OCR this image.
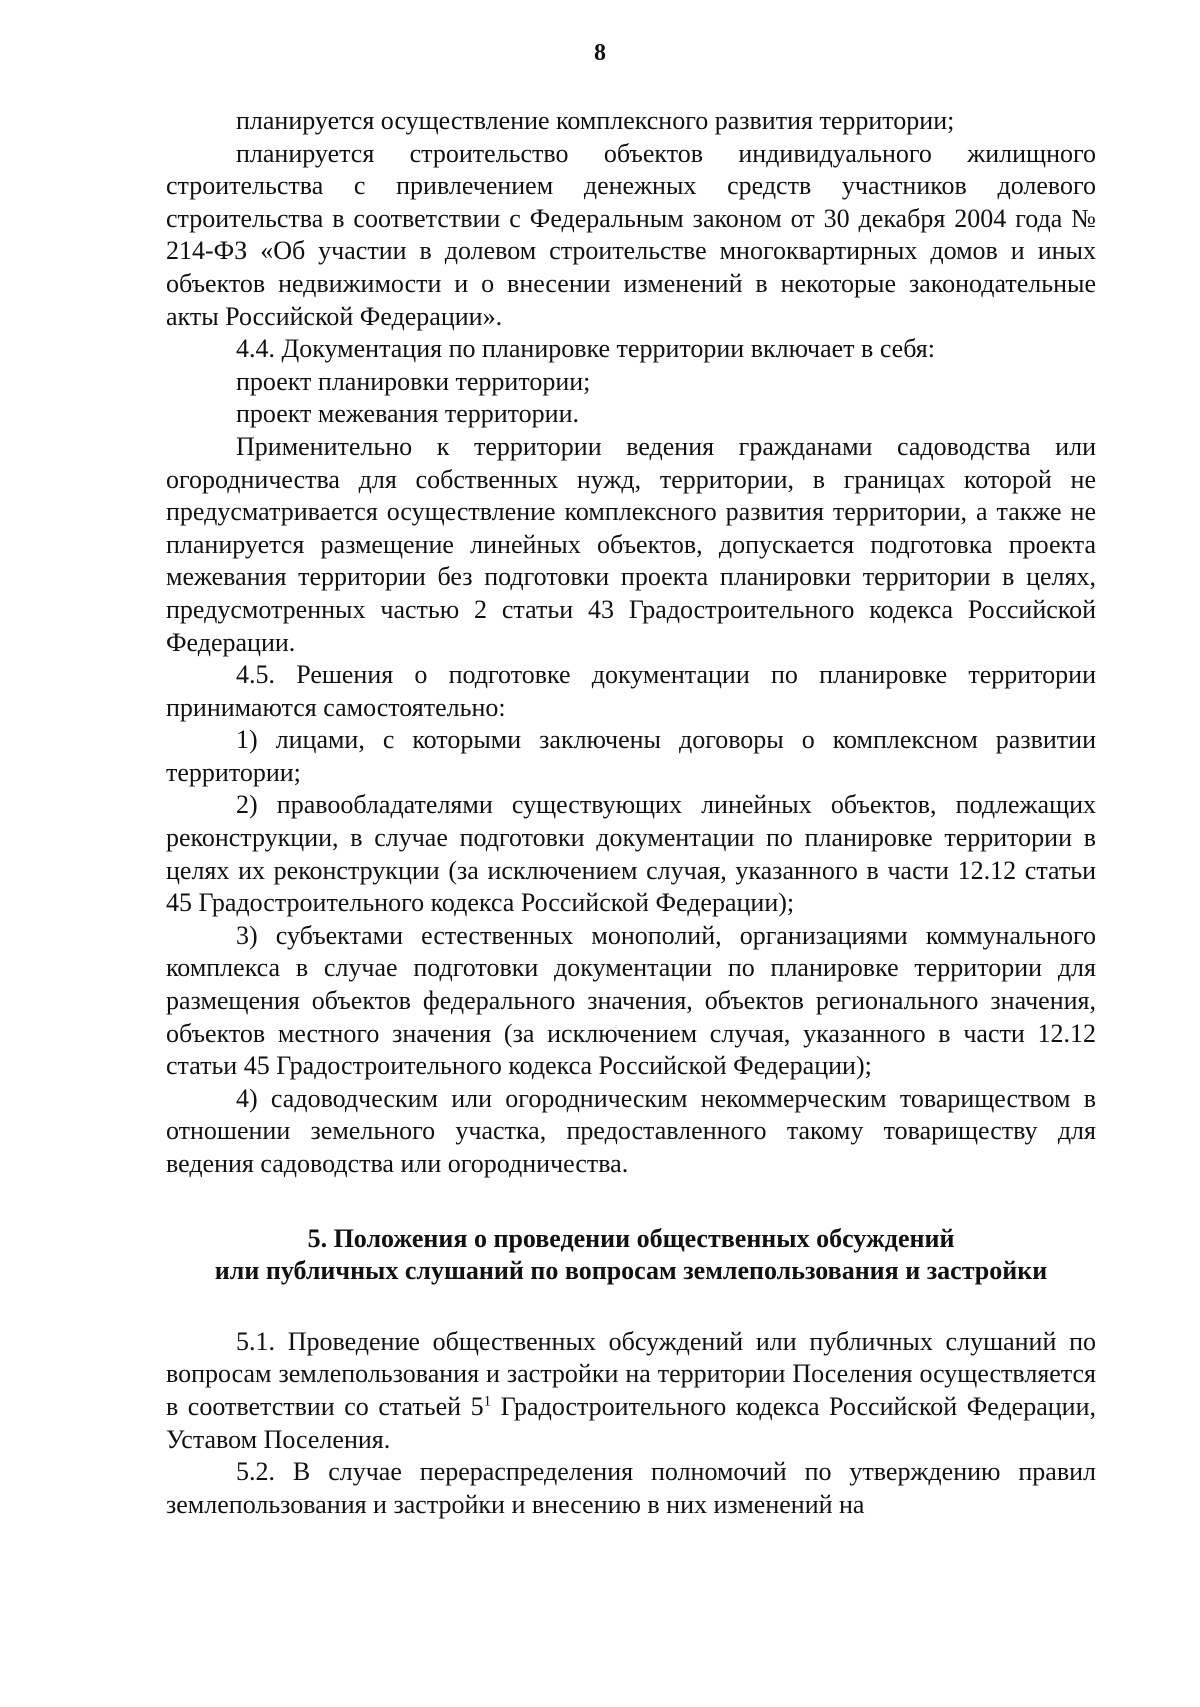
8

планируется осуществление комплексного развития территории;

планируется строительство объектов индивидуального жилищного строительства с привлечением денежных средств участников долевого строительства в соответствии с Федеральным законом от 30 декабря 2004 года № 214-ФЗ «Об участии в долевом строительстве многоквартирных домов и иных объектов недвижимости и о внесении изменений в некоторые законодательные акты Российской Федерации».

4.4. Документация по планировке территории включает в себя:

проект планировки территории;

проект межевания территории.

Применительно к территории ведения гражданами садоводства или огородничества для собственных нужд, территории, в границах которой не предусматривается осуществление комплексного развития территории, а также не планируется размещение линейных объектов, допускается подготовка проекта межевания территории без подготовки проекта планировки территории в целях, предусмотренных частью 2 статьи 43 Градостроительного кодекса Российской Федерации.

4.5. Решения о подготовке документации по планировке территории принимаются самостоятельно:

1) лицами, с которыми заключены договоры о комплексном развитии территории;

2) правообладателями существующих линейных объектов, подлежащих реконструкции, в случае подготовки документации по планировке территории в целях их реконструкции (за исключением случая, указанного в части 12.12 статьи 45 Градостроительного кодекса Российской Федерации);

3) субъектами естественных монополий, организациями коммунального комплекса в случае подготовки документации по планировке территории для размещения объектов федерального значения, объектов регионального значения, объектов местного значения (за исключением случая, указанного в части 12.12 статьи 45 Градостроительного кодекса Российской Федерации);

4) садоводческим или огородническим некоммерческим товариществом в отношении земельного участка, предоставленного такому товариществу для ведения садоводства или огородничества.

5. Положения о проведении общественных обсуждений
или публичных слушаний по вопросам землепользования и застройки

5.1. Проведение общественных обсуждений или публичных слушаний по вопросам землепользования и застройки на территории Поселения осуществляется в соответствии со статьей $5^1$ Градостроительного кодекса Российской Федерации, Уставом Поселения.

5.2. В случае перераспределения полномочий по утверждению правил землепользования и застройки и внесению в них изменений на
